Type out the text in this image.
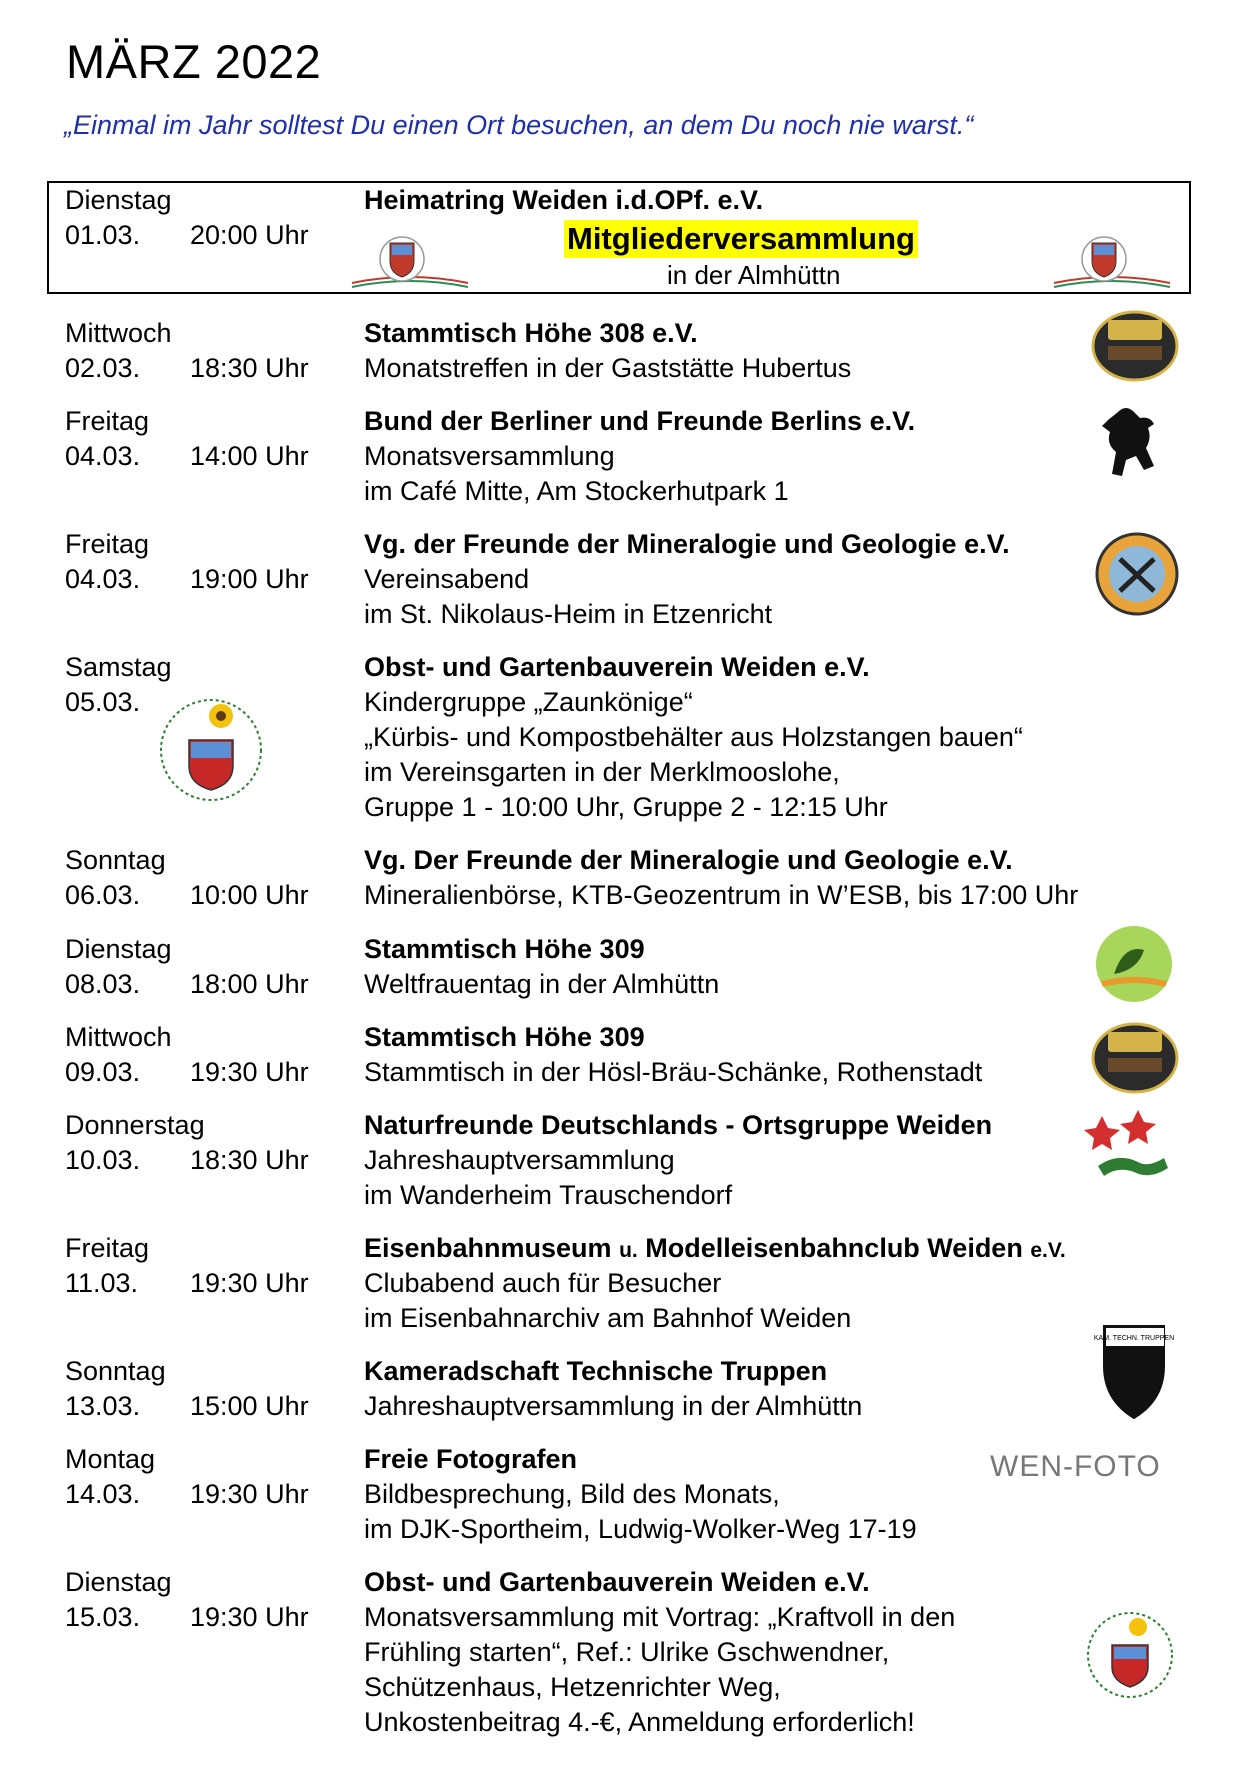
MÄRZ 2022
„Einmal im Jahr solltest Du einen Ort besuchen, an dem Du noch nie warst.“
Dienstag
01.03. 20:00 Uhr
Heimatring Weiden i.d.OPf. e.V.
Mitgliederversammlung
in der Almhüttn
Mittwoch
02.03. 18:30 Uhr
Stammtisch Höhe 308 e.V.
Monatstreffen in der Gaststätte Hubertus
Freitag
04.03. 14:00 Uhr
Bund der Berliner und Freunde Berlins e.V.
Monatsversammlung
im Café Mitte, Am Stockerhutpark 1
Freitag
04.03. 19:00 Uhr
Vg. der Freunde der Mineralogie und Geologie e.V.
Vereinsabend
im St. Nikolaus-Heim in Etzenricht
Samstag
05.03.
Obst- und Gartenbauverein Weiden e.V.
Kindergruppe „Zaunkönige“
„Kürbis- und Kompostbehälter aus Holzstangen bauen“
im Vereinsgarten in der Merklmooslohe,
Gruppe 1 - 10:00 Uhr, Gruppe 2 - 12:15 Uhr
Sonntag
06.03. 10:00 Uhr
Vg. Der Freunde der Mineralogie und Geologie e.V.
Mineralienbörse, KTB-Geozentrum in W’ESB, bis 17:00 Uhr
Dienstag
08.03. 18:00 Uhr
Stammtisch Höhe 309
Weltfrauentag in der Almhüttn
Mittwoch
09.03. 19:30 Uhr
Stammtisch Höhe 309
Stammtisch in der Hösl-Bräu-Schänke, Rothenstadt
Donnerstag
10.03. 18:30 Uhr
Naturfreunde Deutschlands - Ortsgruppe Weiden
Jahreshauptversammlung
im Wanderheim Trauschendorf
Freitag
11.03. 19:30 Uhr
Eisenbahnmuseum u. Modelleisenbahnclub Weiden e.V.
Clubabend auch für Besucher
im Eisenbahnarchiv am Bahnhof Weiden
Sonntag
13.03. 15:00 Uhr
Kameradschaft Technische Truppen
Jahreshauptversammlung in der Almhüttn
KAM. TECHN. TRUPPEN
Montag
14.03. 19:30 Uhr
Freie Fotografen
Bildbesprechung, Bild des Monats,
im DJK-Sportheim, Ludwig-Wolker-Weg 17-19
WEN-FOTO
Dienstag
15.03. 19:30 Uhr
Obst- und Gartenbauverein Weiden e.V.
Monatsversammlung mit Vortrag: „Kraftvoll in den
Frühling starten“, Ref.: Ulrike Gschwendner,
Schützenhaus, Hetzenrichter Weg,
Unkostenbeitrag 4.-€, Anmeldung erforderlich!
